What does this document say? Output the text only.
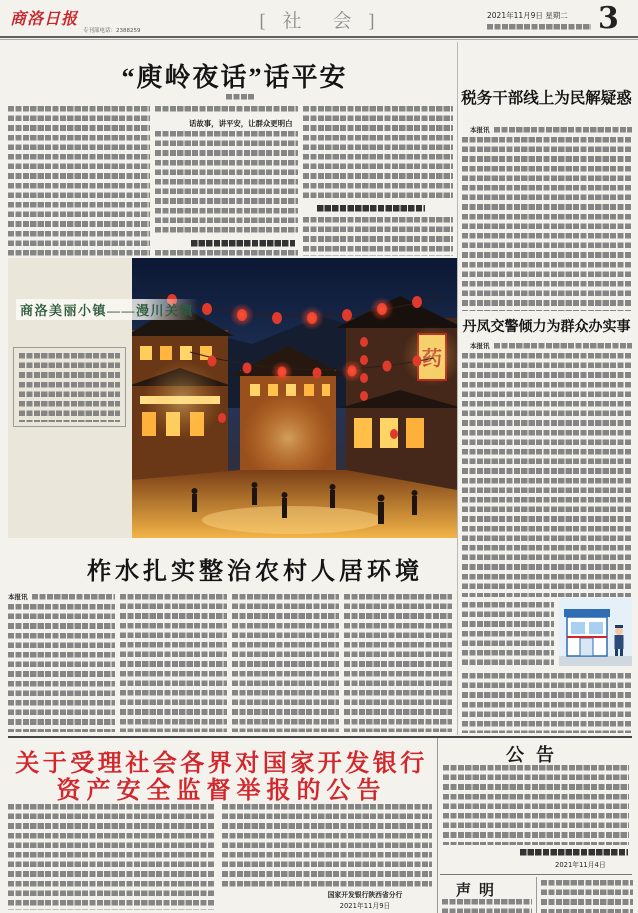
商洛日报
专刊部电话：2388259	[ 社　会 ]	2021年11月9日 星期二 3
“庾岭夜话”话平安
话故事，讲平安，让群众更明白
商洛美丽小镇——漫川关镇
药
柞水扎实整治农村人居环境
本报讯
税务干部线上为民解疑惑
本报讯
丹凤交警倾力为群众办实事
本报讯
关于受理社会各界对国家开发银行
资产安全监督举报的公告
国家开发银行陕西省分行
2021年11月9日
公告
2021年11月4日
声明
